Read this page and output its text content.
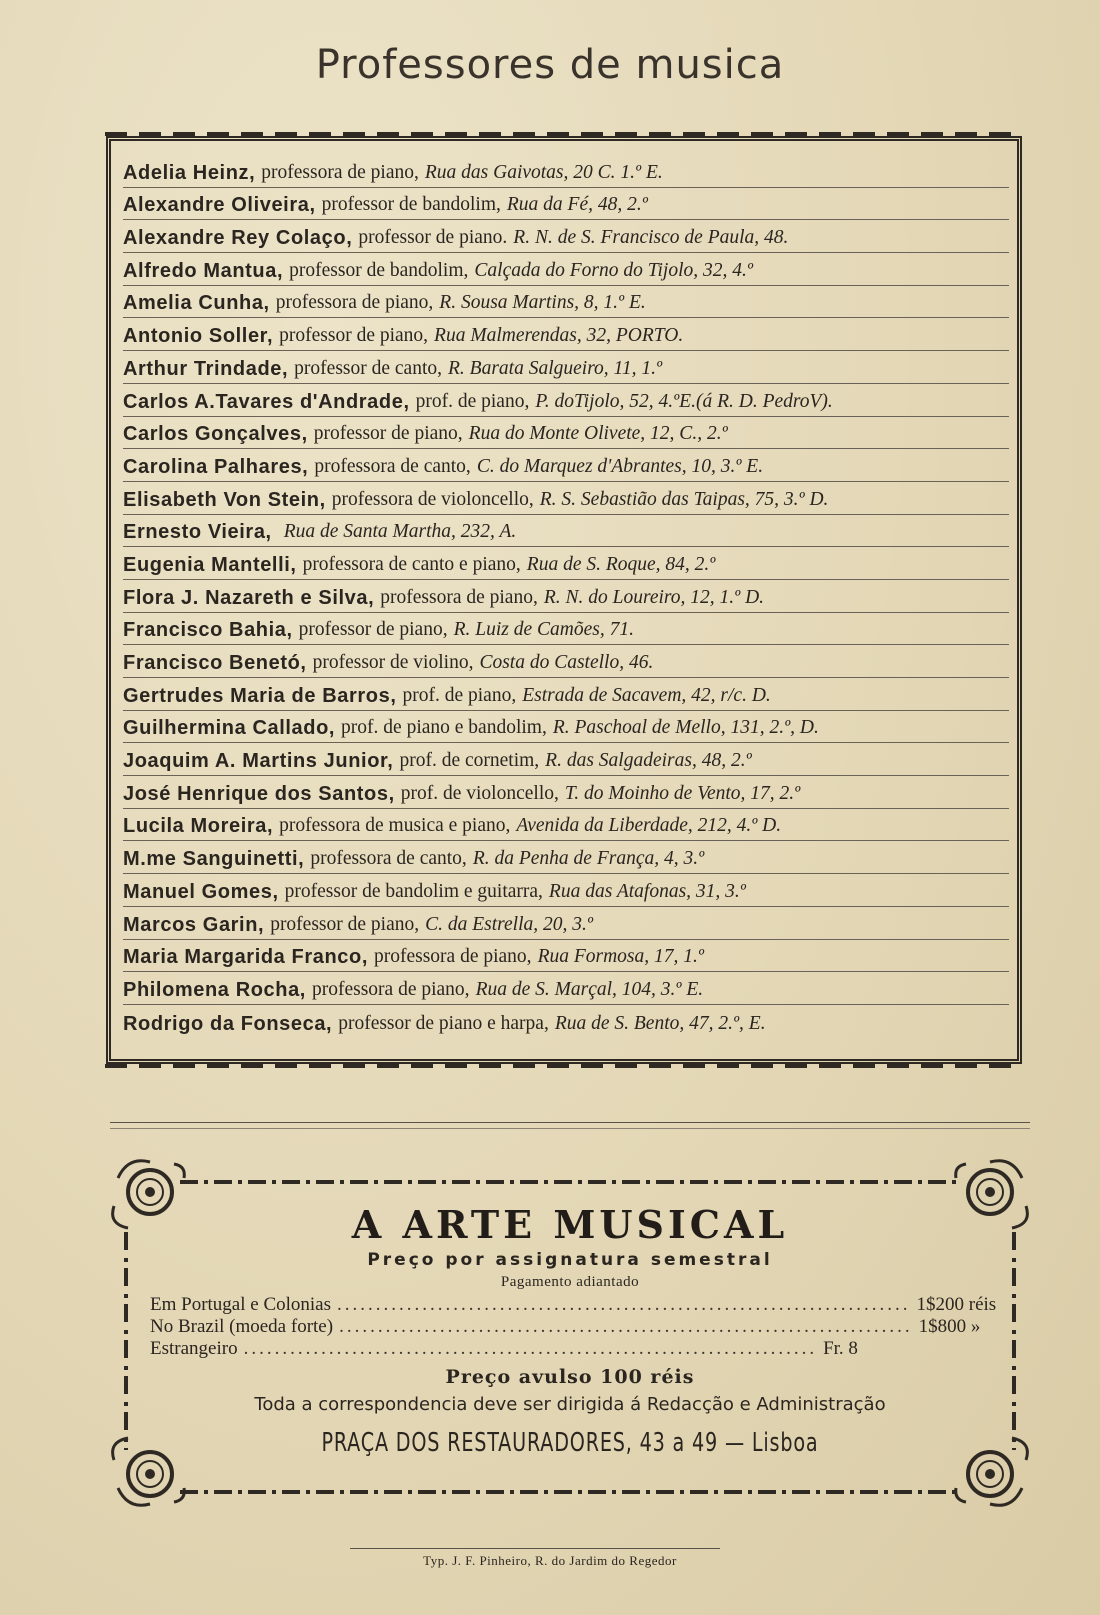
Professores de musica
Adelia Heinz, professora de piano, Rua das Gaivotas, 20 C. 1.º E.
Alexandre Oliveira, professor de bandolim, Rua da Fé, 48, 2.º
Alexandre Rey Colaço, professor de piano. R. N. de S. Francisco de Paula, 48.
Alfredo Mantua, professor de bandolim, Calçada do Forno do Tijolo, 32, 4.º
Amelia Cunha, professora de piano, R. Sousa Martins, 8, 1.º E.
Antonio Soller, professor de piano, Rua Malmerendas, 32, PORTO.
Arthur Trindade, professor de canto, R. Barata Salgueiro, 11, 1.º
Carlos A.Tavares d'Andrade, prof. de piano, P. doTijolo, 52, 4.ºE.(á R. D. PedroV).
Carlos Gonçalves, professor de piano, Rua do Monte Olivete, 12, C., 2.º
Carolina Palhares, professora de canto, C. do Marquez d'Abrantes, 10, 3.º E.
Elisabeth Von Stein, professora de violoncello, R. S. Sebastião das Taipas, 75, 3.º D.
Ernesto Vieira, Rua de Santa Martha, 232, A.
Eugenia Mantelli, professora de canto e piano, Rua de S. Roque, 84, 2.º
Flora J. Nazareth e Silva, professora de piano, R. N. do Loureiro, 12, 1.º D.
Francisco Bahia, professor de piano, R. Luiz de Camões, 71.
Francisco Benetó, professor de violino, Costa do Castello, 46.
Gertrudes Maria de Barros, prof. de piano, Estrada de Sacavem, 42, r/c. D.
Guilhermina Callado, prof. de piano e bandolim, R. Paschoal de Mello, 131, 2.º, D.
Joaquim A. Martins Junior, prof. de cornetim, R. das Salgadeiras, 48, 2.º
José Henrique dos Santos, prof. de violoncello, T. do Moinho de Vento, 17, 2.º
Lucila Moreira, professora de musica e piano, Avenida da Liberdade, 212, 4.º D.
M.me Sanguinetti, professora de canto, R. da Penha de França, 4, 3.º
Manuel Gomes, professor de bandolim e guitarra, Rua das Atafonas, 31, 3.º
Marcos Garin, professor de piano, C. da Estrella, 20, 3.º
Maria Margarida Franco, professora de piano, Rua Formosa, 17, 1.º
Philomena Rocha, professora de piano, Rua de S. Marçal, 104, 3.º E.
Rodrigo da Fonseca, professor de piano e harpa, Rua de S. Bento, 47, 2.º, E.
A ARTE MUSICAL
Preço por assignatura semestral
Pagamento adiantado
Em Portugal e Colonias .......................................................................... 1$200 réis
No Brazil (moeda forte) .......................................................................... 1$800 »
Estrangeiro .......................................................................... Fr. 8
Preço avulso 100 réis
Toda a correspondencia deve ser dirigida á Redacção e Administração
PRAÇA DOS RESTAURADORES, 43 a 49 — Lisboa
Typ. J. F. Pinheiro, R. do Jardim do Regedor
